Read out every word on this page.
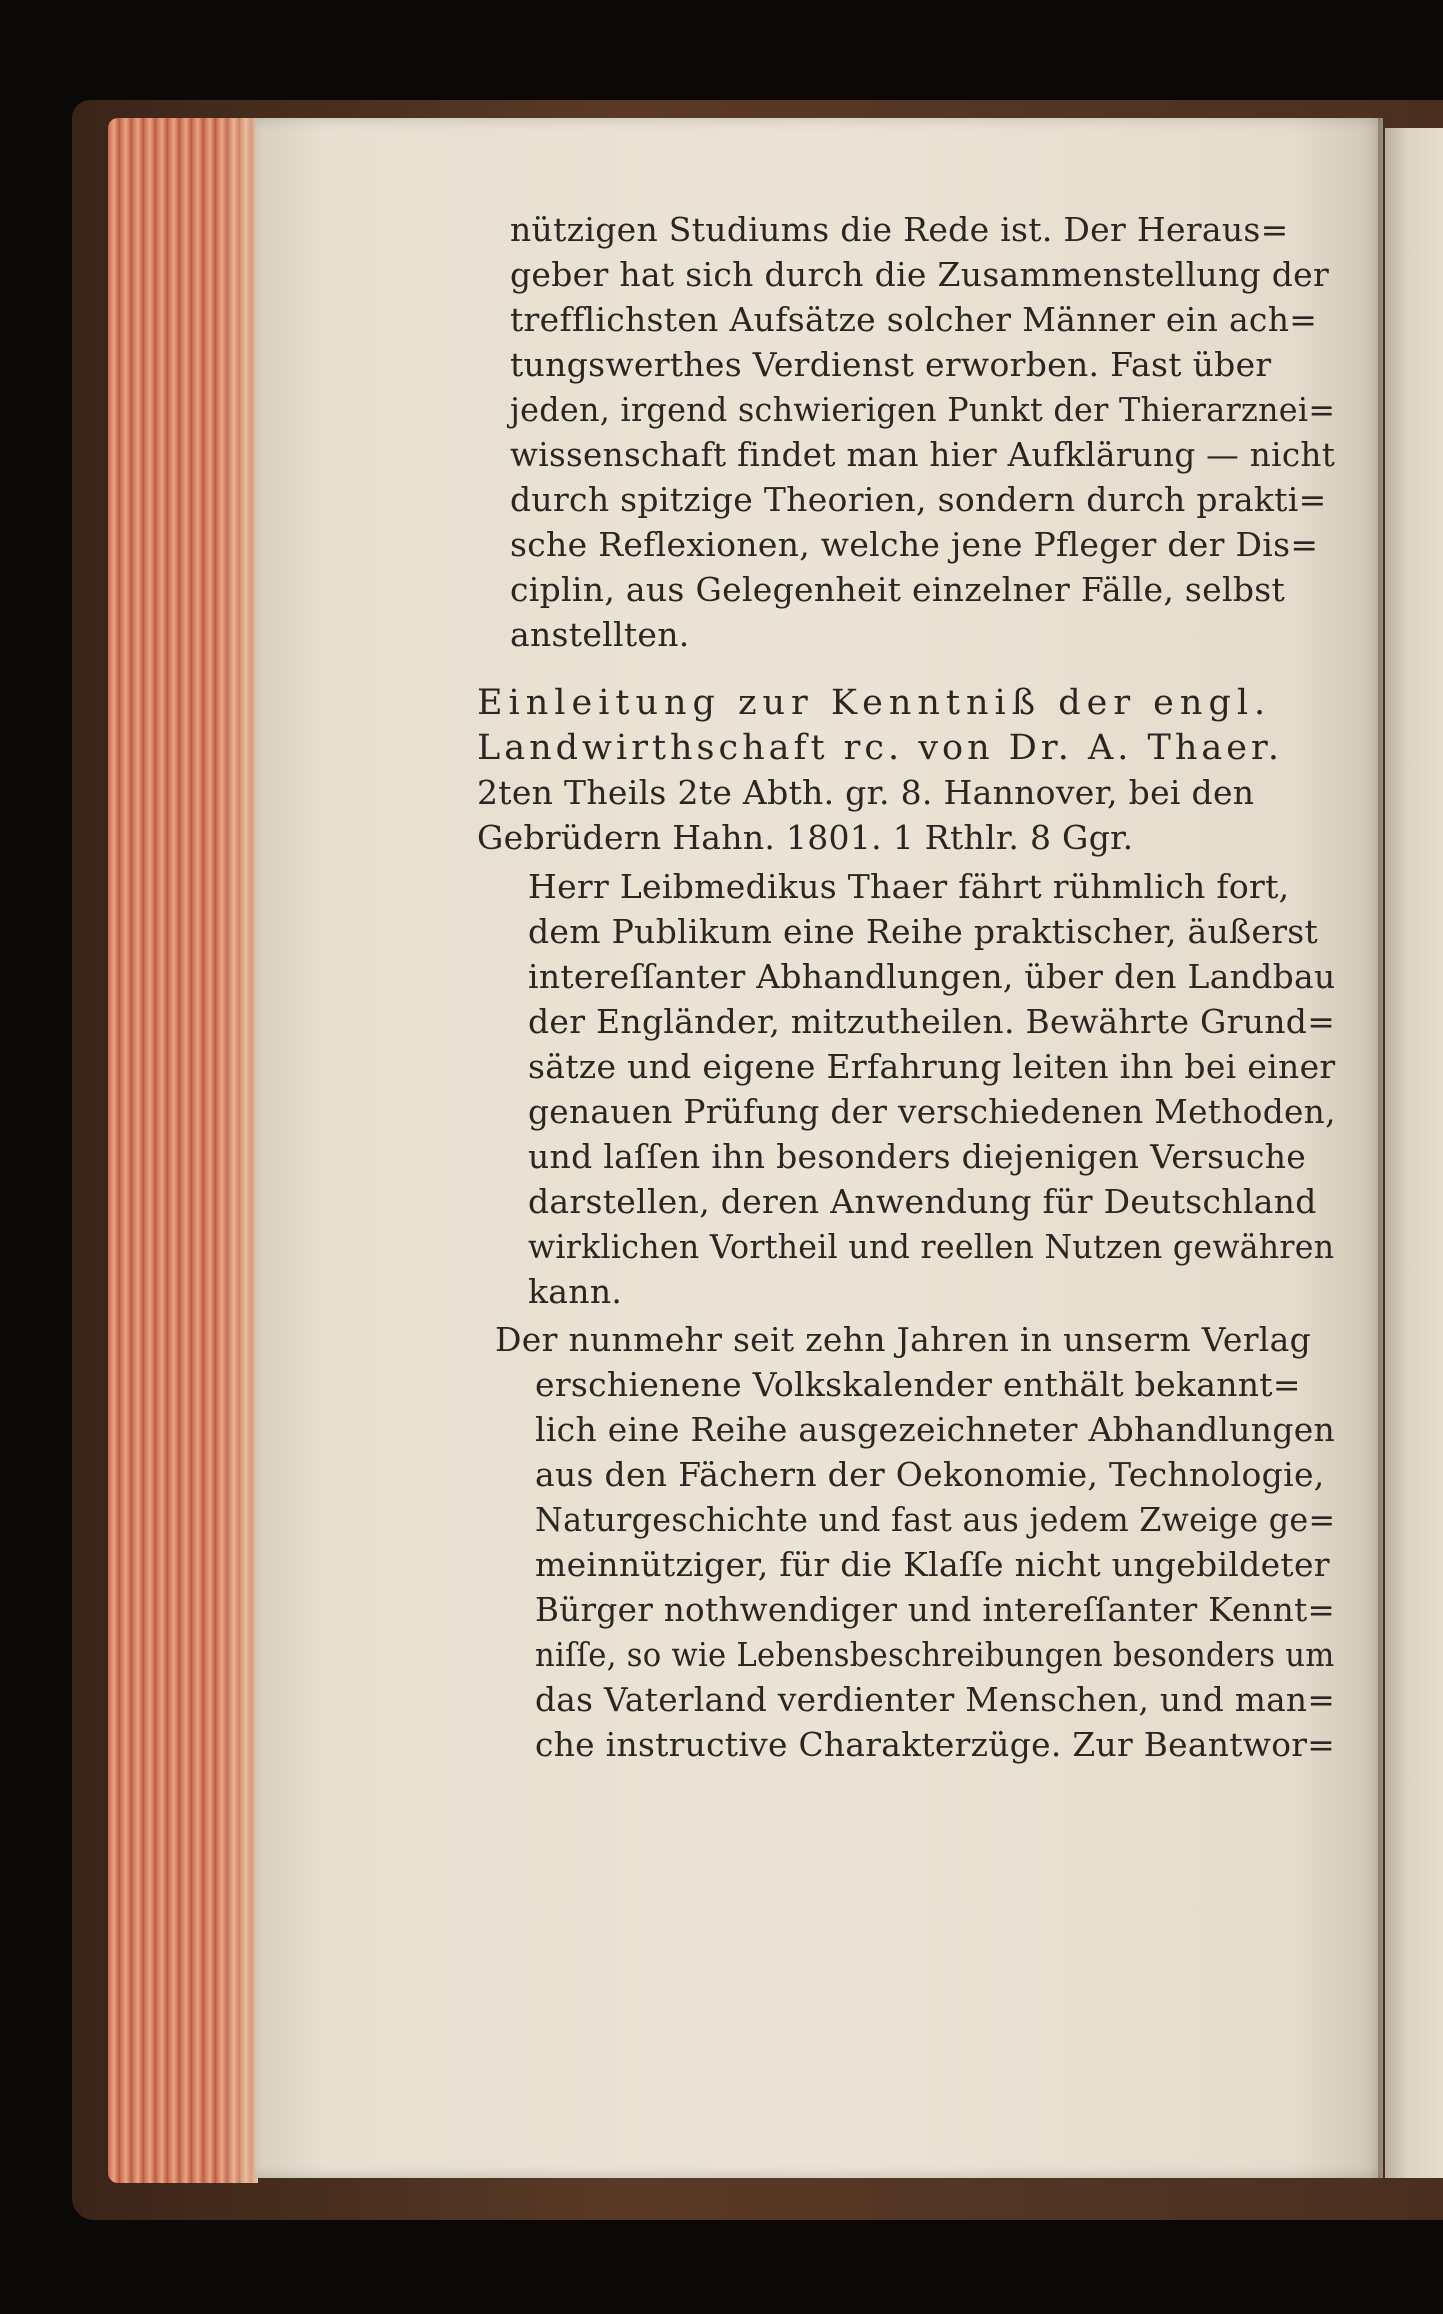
nützigen Studiums die Rede ist. Der Heraus=
geber hat sich durch die Zusammenstellung der
trefflichsten Aufsätze solcher Männer ein ach=
tungswerthes Verdienst erworben. Fast über
jeden, irgend schwierigen Punkt der Thierarznei=
wissenschaft findet man hier Aufklärung — nicht
durch spitzige Theorien, sondern durch prakti=
sche Reflexionen, welche jene Pfleger der Dis=
ciplin, aus Gelegenheit einzelner Fälle, selbst
anstellten.
Einleitung zur Kenntniß der engl.
Landwirthschaft rc. von Dr. A. Thaer.
2ten Theils 2te Abth. gr. 8. Hannover, bei den
Gebrüdern Hahn. 1801. 1 Rthlr. 8 Ggr.
Herr Leibmedikus Thaer fährt rühmlich fort,
dem Publikum eine Reihe praktischer, äußerst
intereſſanter Abhandlungen, über den Landbau
der Engländer, mitzutheilen. Bewährte Grund=
sätze und eigene Erfahrung leiten ihn bei einer
genauen Prüfung der verschiedenen Methoden,
und laſſen ihn besonders diejenigen Versuche
darstellen, deren Anwendung für Deutschland
wirklichen Vortheil und reellen Nutzen gewähren
kann.
Der nunmehr seit zehn Jahren in unserm Verlag
erschienene Volkskalender enthält bekannt=
lich eine Reihe ausgezeichneter Abhandlungen
aus den Fächern der Oekonomie, Technologie,
Naturgeschichte und fast aus jedem Zweige ge=
meinnütziger, für die Klaſſe nicht ungebildeter
Bürger nothwendiger und intereſſanter Kennt=
niſſe, so wie Lebensbeschreibungen besonders um
das Vaterland verdienter Menschen, und man=
che instructive Charakterzüge. Zur Beantwor=
